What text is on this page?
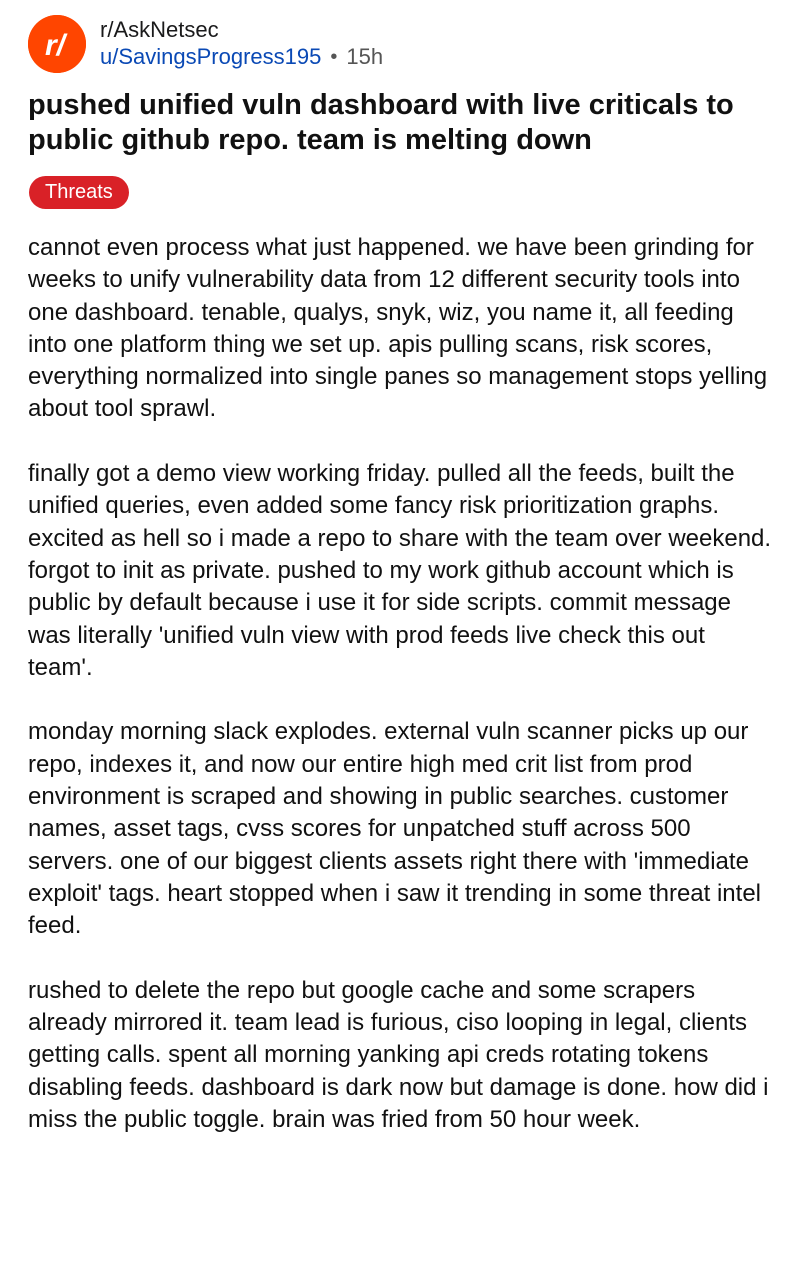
r/ r/AskNetsec
u/SavingsProgress195 • 15h
pushed unified vuln dashboard with live criticals to public github repo. team is melting down
Threats

cannot even process what just happened. we have been grinding for weeks to unify vulnerability data from 12 different security tools into one dashboard. tenable, qualys, snyk, wiz, you name it, all feeding into one platform thing we set up. apis pulling scans, risk scores, everything normalized into single panes so management stops yelling about tool sprawl.

finally got a demo view working friday. pulled all the feeds, built the unified queries, even added some fancy risk prioritization graphs. excited as hell so i made a repo to share with the team over weekend. forgot to init as private. pushed to my work github account which is public by default because i use it for side scripts. commit message was literally 'unified vuln view with prod feeds live check this out team'.

monday morning slack explodes. external vuln scanner picks up our repo, indexes it, and now our entire high med crit list from prod environment is scraped and showing in public searches. customer names, asset tags, cvss scores for unpatched stuff across 500 servers. one of our biggest clients assets right there with 'immediate exploit' tags. heart stopped when i saw it trending in some threat intel feed.

rushed to delete the repo but google cache and some scrapers already mirrored it. team lead is furious, ciso looping in legal, clients getting calls. spent all morning yanking api creds rotating tokens disabling feeds. dashboard is dark now but damage is done. how did i miss the public toggle. brain was fried from 50 hour week.
